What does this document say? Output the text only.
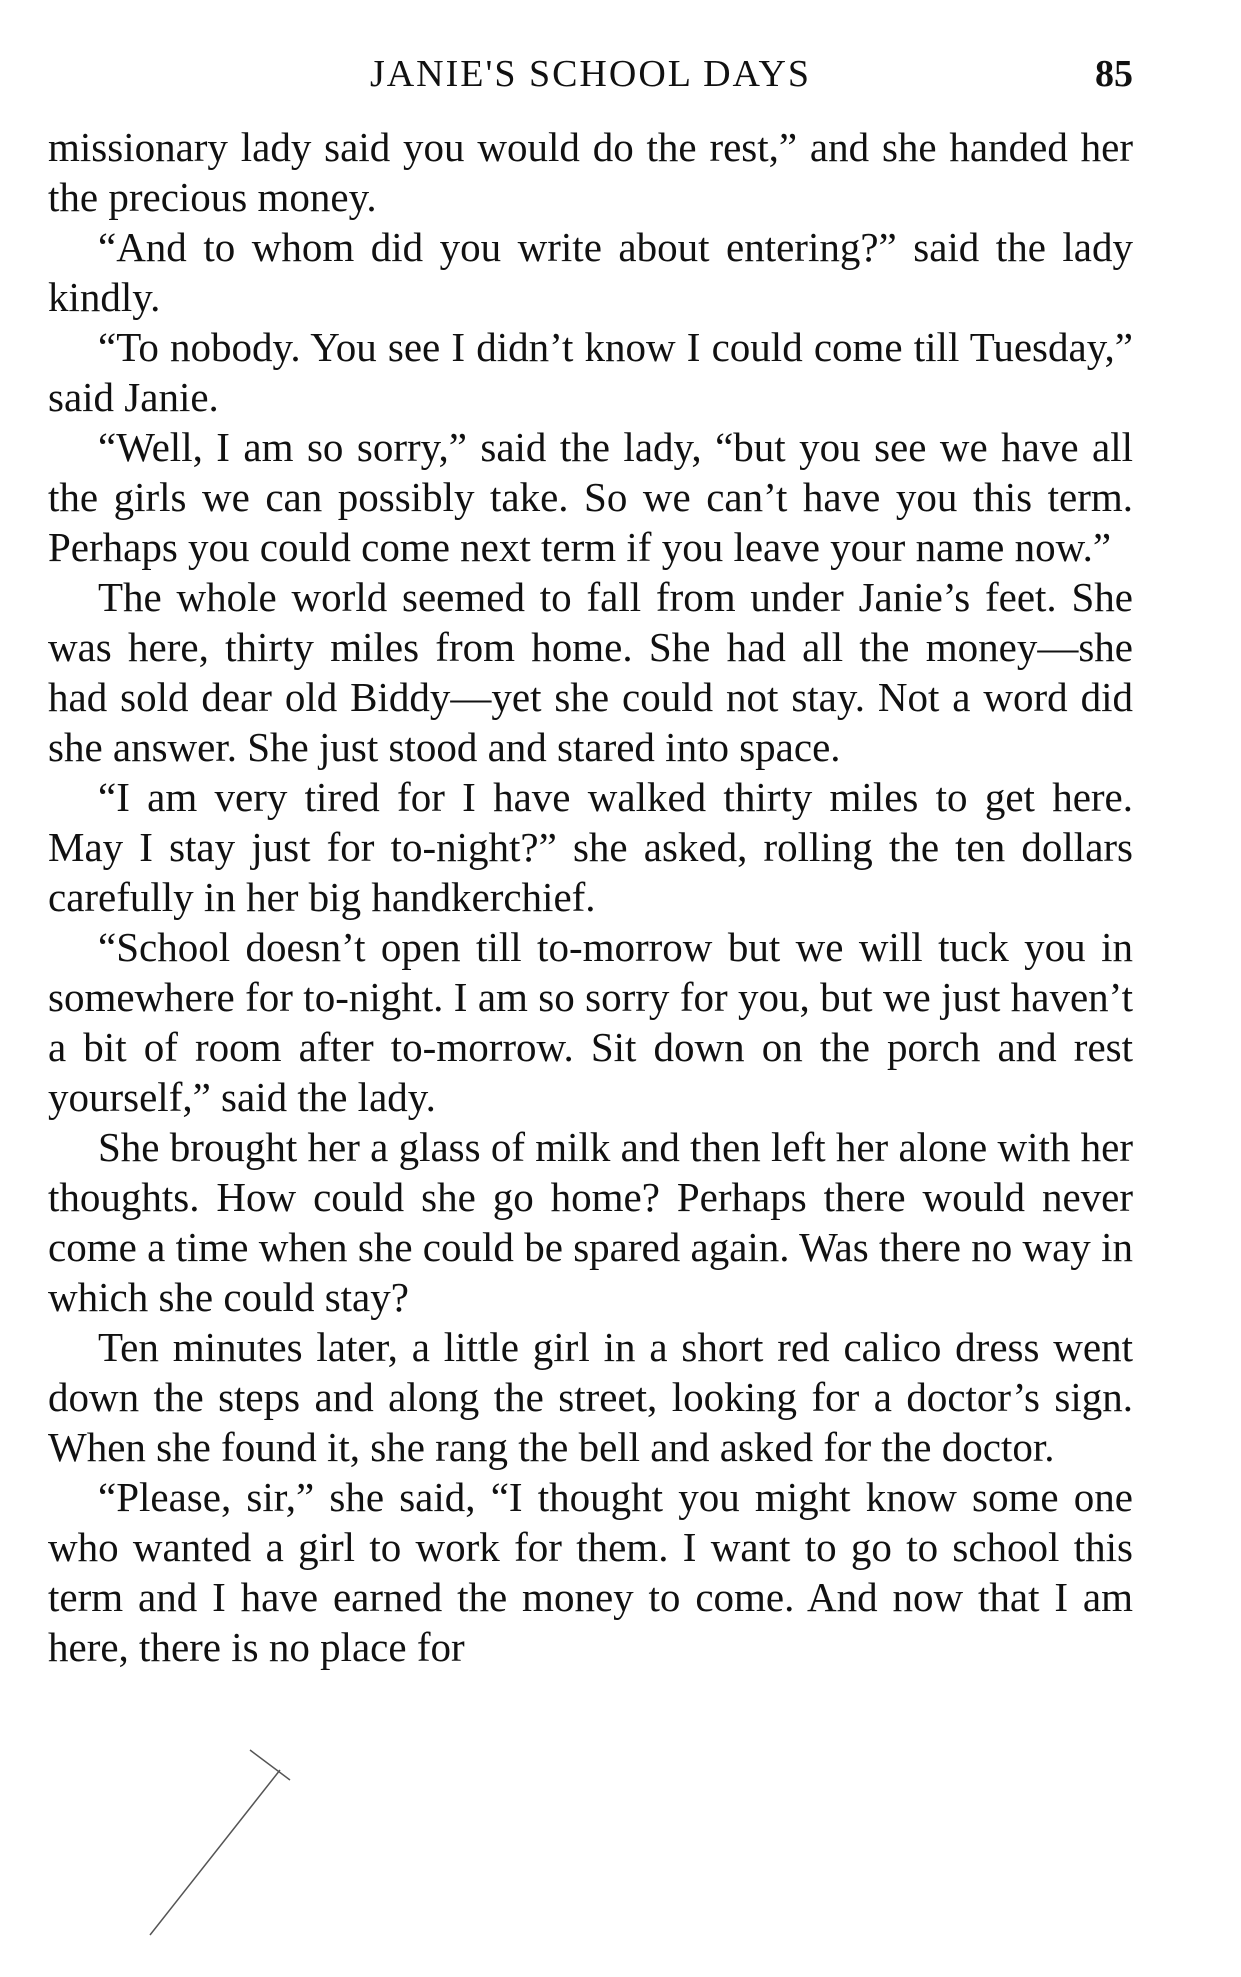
JANIE'S SCHOOL DAYS	85

missionary lady said you would do the rest,” and she handed her the precious money.

“And to whom did you write about entering?” said the lady kindly.

“To nobody. You see I didn’t know I could come till Tuesday,” said Janie.

“Well, I am so sorry,” said the lady, “but you see we have all the girls we can possibly take. So we can’t have you this term. Perhaps you could come next term if you leave your name now.”

The whole world seemed to fall from under Janie’s feet. She was here, thirty miles from home. She had all the money—she had sold dear old Biddy—yet she could not stay. Not a word did she answer. She just stood and stared into space.

“I am very tired for I have walked thirty miles to get here. May I stay just for to-night?” she asked, rolling the ten dollars carefully in her big handkerchief.

“School doesn’t open till to-morrow but we will tuck you in somewhere for to-night. I am so sorry for you, but we just haven’t a bit of room after to-morrow. Sit down on the porch and rest yourself,” said the lady.

She brought her a glass of milk and then left her alone with her thoughts. How could she go home? Perhaps there would never come a time when she could be spared again. Was there no way in which she could stay?

Ten minutes later, a little girl in a short red calico dress went down the steps and along the street, looking for a doctor’s sign. When she found it, she rang the bell and asked for the doctor.

“Please, sir,” she said, “I thought you might know some one who wanted a girl to work for them. I want to go to school this term and I have earned the money to come. And now that I am here, there is no place for
